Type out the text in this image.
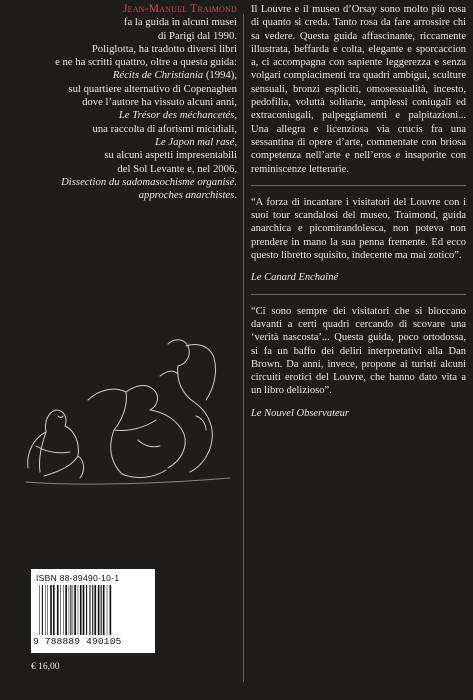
Jean-Manuel Traimond
fa la guida in alcuni musei
di Parigi dal 1990.
Poliglotta, ha tradotto diversi libri
e ne ha scritti quattro, oltre a questa guida:
Récits de Christiania (1994),
sul quartiere alternativo di Copenaghen
dove l’autore ha vissuto alcuni anni,
Le Trésor des méchancetés,
una raccolta di aforismi micidiali,
Le Japon mal rasé,
su alcuni aspetti impresentabili
del Sol Levante e, nel 2006,
Dissection du sadomasochisme organisé.
approches anarchistes.

Il Louvre e il museo d’Orsay sono molto più rosa di quanto si creda. Tanto rosa da fare arrossire chi sa vedere. Questa guida affascinante, riccamente illustrata, beffarda e colta, elegante e sporcaccion a, ci accompagna con sapiente leggerezza e senza volgari compiacimenti tra quadri ambigui, sculture sensuali, bronzi espliciti, omosessualità, incesto, pedofilia, voluttà solitarie, amplessi coniugali ed extraconiugali, palpeggiamenti e palpitazioni... Una allegra e licenziosa via crucis fra una sessantina di opere d’arte, commentate con briosa competenza nell’arte e nell’eros e insaporite con reminiscenze letterarie.

“A forza di incantare i visitatori del Louvre con i suoi tour scandalosi del museo, Traimond, guida anarchica e picomirandolesca, non poteva non prendere in mano la sua penna fremente. Ed ecco questo libretto squisito, indecente ma mai zotico”.

Le Canard Enchaîné

“Ci sono sempre dei visitatori che si bloccano davanti a certi quadri cercando di scovare una ‘verità nascosta’... Questa guida, poco ortodossa, si fa un baffo dei deliri interpretativi alla Dan Brown. Da anni, invece, propone ai turisti alcuni circuiti erotici del Louvre, che hanno dato vita a un libro delizioso”.

Le Nouvel Observateur

ISBN 88-89490-10-1
9 788889 490105
€ 16,00
